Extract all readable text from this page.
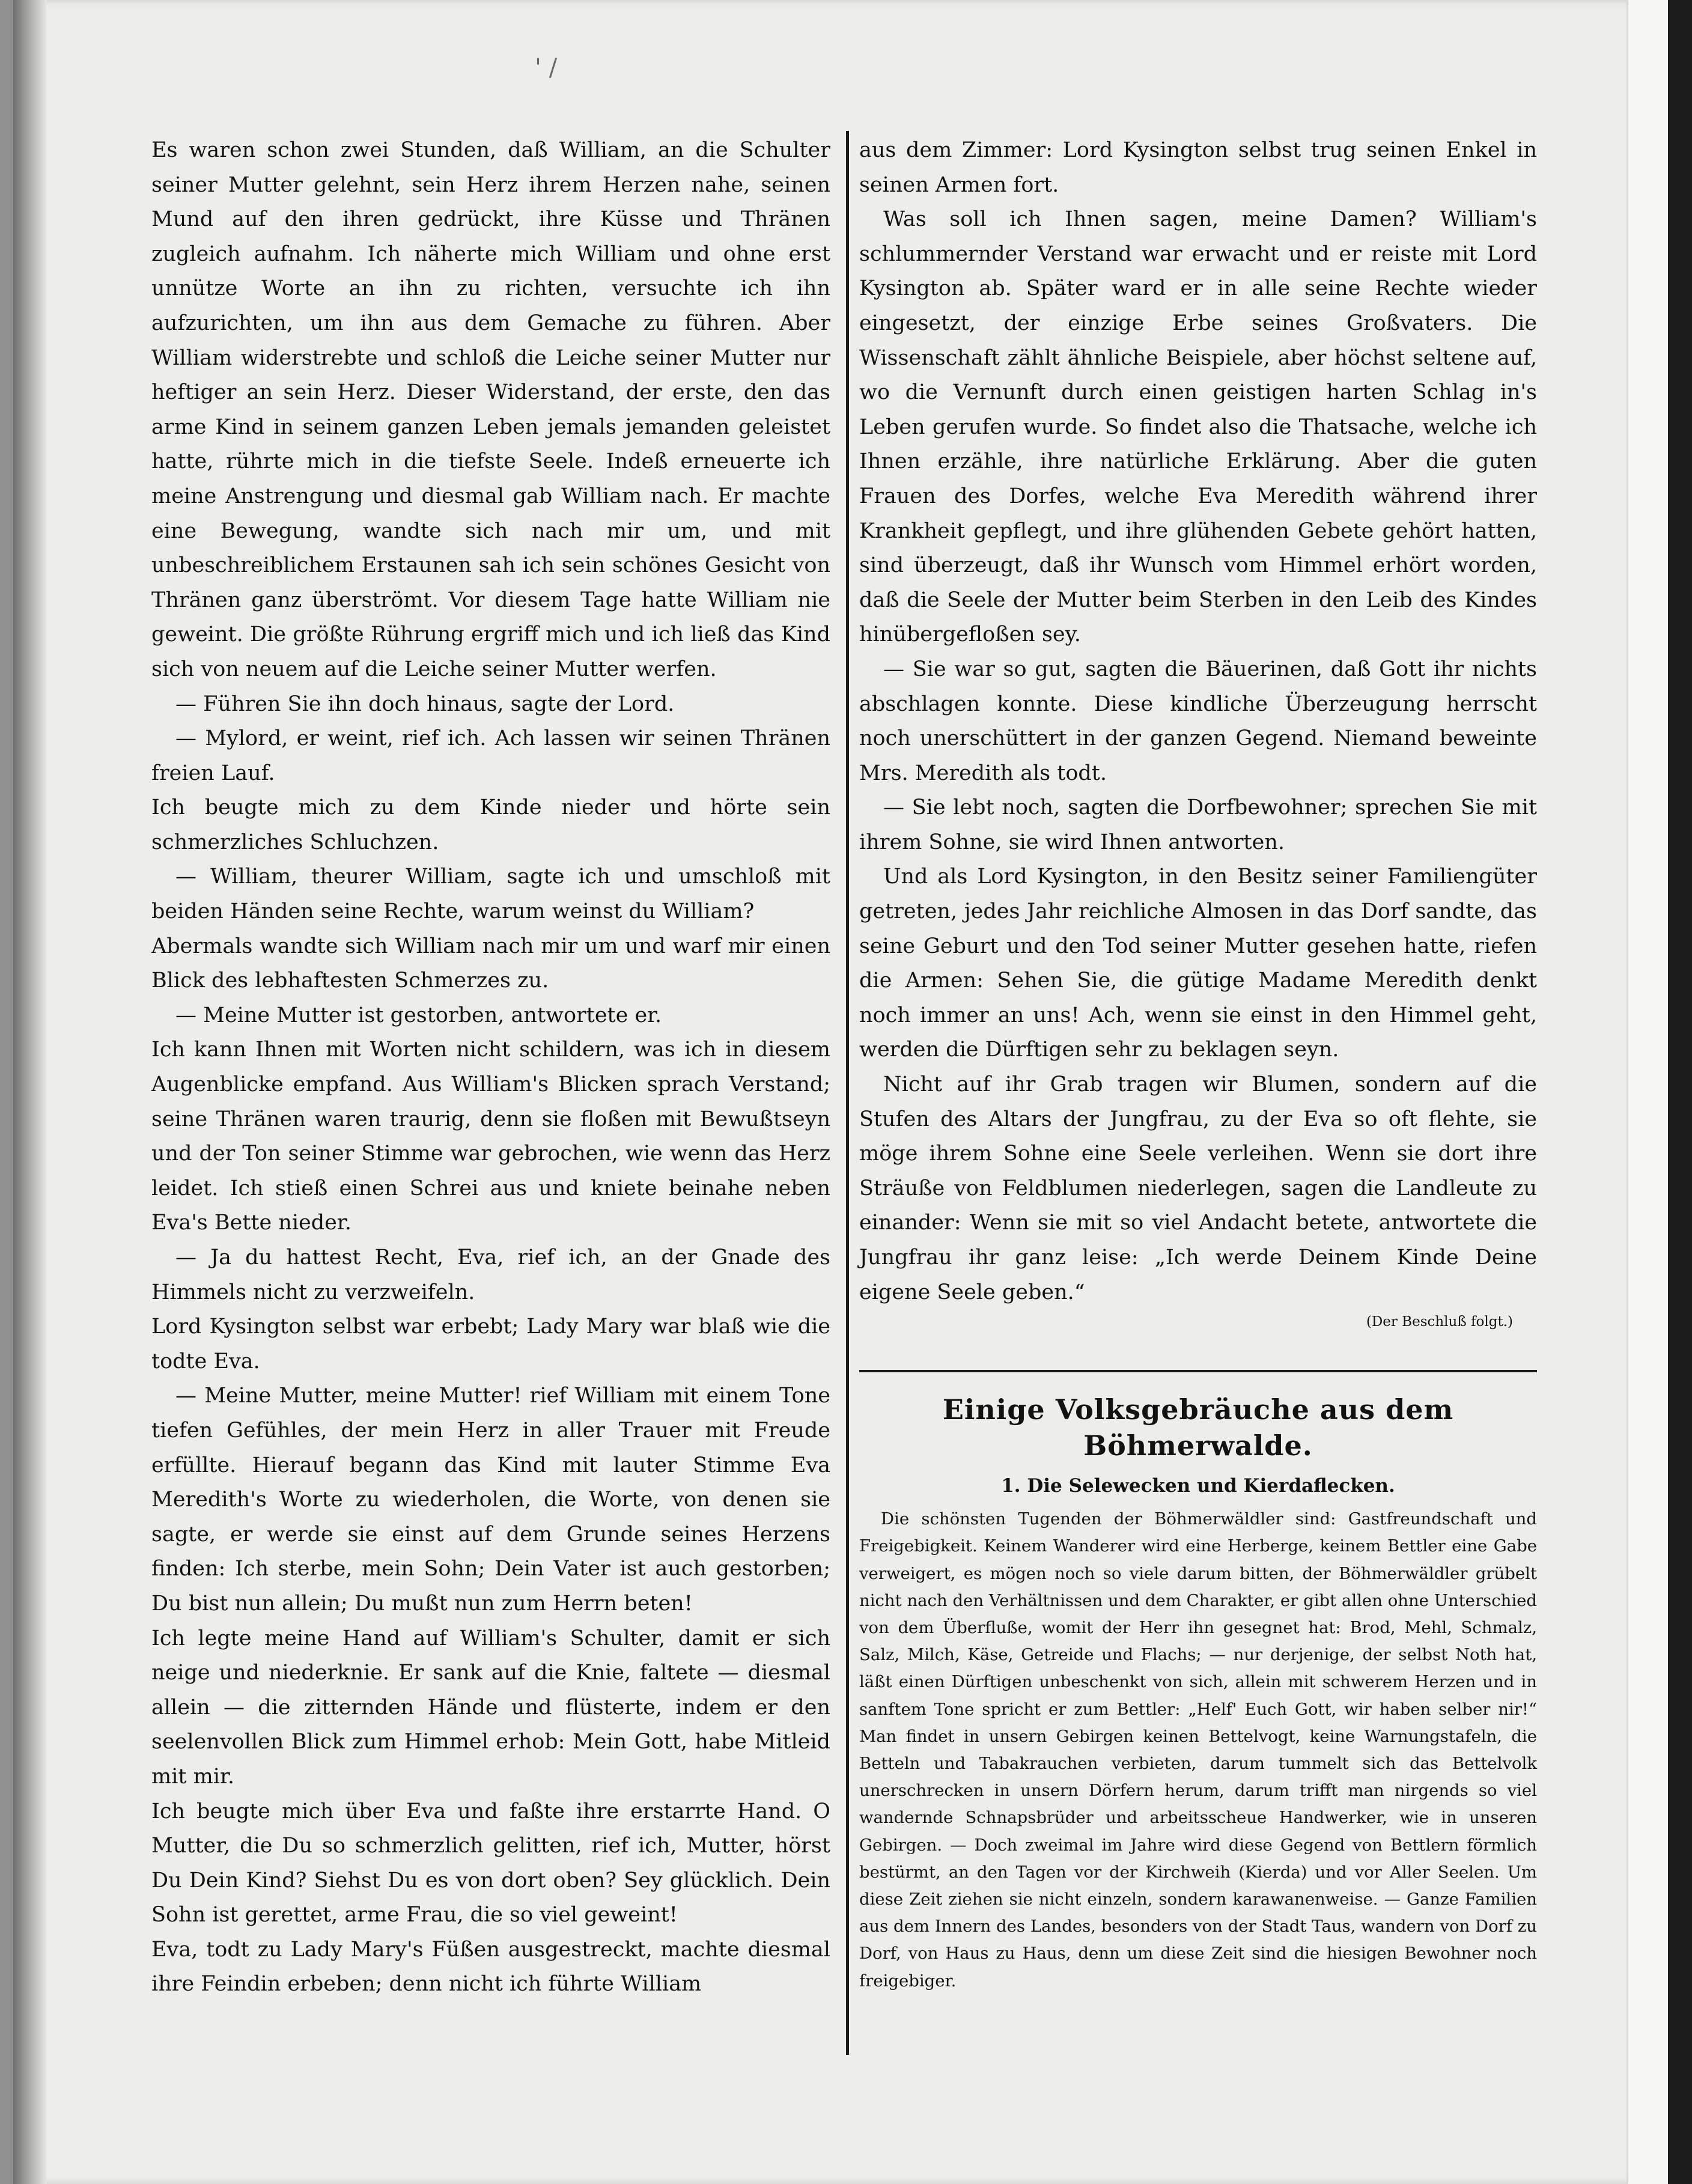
' /

Es waren schon zwei Stunden, daß William, an die Schulter seiner Mutter gelehnt, sein Herz ihrem Herzen nahe, seinen Mund auf den ihren gedrückt, ihre Küsse und Thränen zugleich aufnahm. Ich näherte mich William und ohne erst unnütze Worte an ihn zu richten, versuchte ich ihn aufzurichten, um ihn aus dem Gemache zu führen. Aber William widerstrebte und schloß die Leiche seiner Mutter nur heftiger an sein Herz. Dieser Widerstand, der erste, den das arme Kind in seinem ganzen Leben jemals jemanden geleistet hatte, rührte mich in die tiefste Seele. Indeß erneuerte ich meine Anstrengung und diesmal gab William nach. Er machte eine Bewegung, wandte sich nach mir um, und mit unbeschreiblichem Erstaunen sah ich sein schönes Gesicht von Thränen ganz überströmt. Vor diesem Tage hatte William nie geweint. Die größte Rührung ergriff mich und ich ließ das Kind sich von neuem auf die Leiche seiner Mutter werfen.

— Führen Sie ihn doch hinaus, sagte der Lord.

— Mylord, er weint, rief ich. Ach lassen wir seinen Thränen freien Lauf.

Ich beugte mich zu dem Kinde nieder und hörte sein schmerzliches Schluchzen.

— William, theurer William, sagte ich und umschloß mit beiden Händen seine Rechte, warum weinst du William?

Abermals wandte sich William nach mir um und warf mir einen Blick des lebhaftesten Schmerzes zu.

— Meine Mutter ist gestorben, antwortete er.

Ich kann Ihnen mit Worten nicht schildern, was ich in diesem Augenblicke empfand. Aus William's Blicken sprach Verstand; seine Thränen waren traurig, denn sie floßen mit Bewußtseyn und der Ton seiner Stimme war gebrochen, wie wenn das Herz leidet. Ich stieß einen Schrei aus und kniete beinahe neben Eva's Bette nieder.

— Ja du hattest Recht, Eva, rief ich, an der Gnade des Himmels nicht zu verzweifeln.

Lord Kysington selbst war erbebt; Lady Mary war blaß wie die todte Eva.

— Meine Mutter, meine Mutter! rief William mit einem Tone tiefen Gefühles, der mein Herz in aller Trauer mit Freude erfüllte. Hierauf begann das Kind mit lauter Stimme Eva Meredith's Worte zu wiederholen, die Worte, von denen sie sagte, er werde sie einst auf dem Grunde seines Herzens finden: Ich sterbe, mein Sohn; Dein Vater ist auch gestorben; Du bist nun allein; Du mußt nun zum Herrn beten!

Ich legte meine Hand auf William's Schulter, damit er sich neige und niederknie. Er sank auf die Knie, faltete — diesmal allein — die zitternden Hände und flüsterte, indem er den seelenvollen Blick zum Himmel erhob: Mein Gott, habe Mitleid mit mir.

Ich beugte mich über Eva und faßte ihre erstarrte Hand. O Mutter, die Du so schmerzlich gelitten, rief ich, Mutter, hörst Du Dein Kind? Siehst Du es von dort oben? Sey glücklich. Dein Sohn ist gerettet, arme Frau, die so viel geweint!

Eva, todt zu Lady Mary's Füßen ausgestreckt, machte diesmal ihre Feindin erbeben; denn nicht ich führte William

aus dem Zimmer: Lord Kysington selbst trug seinen Enkel in seinen Armen fort.

Was soll ich Ihnen sagen, meine Damen? William's schlummernder Verstand war erwacht und er reiste mit Lord Kysington ab. Später ward er in alle seine Rechte wieder eingesetzt, der einzige Erbe seines Großvaters. Die Wissenschaft zählt ähnliche Beispiele, aber höchst seltene auf, wo die Vernunft durch einen geistigen harten Schlag in's Leben gerufen wurde. So findet also die Thatsache, welche ich Ihnen erzähle, ihre natürliche Erklärung. Aber die guten Frauen des Dorfes, welche Eva Meredith während ihrer Krankheit gepflegt, und ihre glühenden Gebete gehört hatten, sind überzeugt, daß ihr Wunsch vom Himmel erhört worden, daß die Seele der Mutter beim Sterben in den Leib des Kindes hinübergefloßen sey.

— Sie war so gut, sagten die Bäuerinen, daß Gott ihr nichts abschlagen konnte. Diese kindliche Überzeugung herrscht noch unerschüttert in der ganzen Gegend. Niemand beweinte Mrs. Meredith als todt.

— Sie lebt noch, sagten die Dorfbewohner; sprechen Sie mit ihrem Sohne, sie wird Ihnen antworten.

Und als Lord Kysington, in den Besitz seiner Familiengüter getreten, jedes Jahr reichliche Almosen in das Dorf sandte, das seine Geburt und den Tod seiner Mutter gesehen hatte, riefen die Armen: Sehen Sie, die gütige Madame Meredith denkt noch immer an uns! Ach, wenn sie einst in den Himmel geht, werden die Dürftigen sehr zu beklagen seyn.

Nicht auf ihr Grab tragen wir Blumen, sondern auf die Stufen des Altars der Jungfrau, zu der Eva so oft flehte, sie möge ihrem Sohne eine Seele verleihen. Wenn sie dort ihre Sträuße von Feldblumen niederlegen, sagen die Landleute zu einander: Wenn sie mit so viel Andacht betete, antwortete die Jungfrau ihr ganz leise: „Ich werde Deinem Kinde Deine eigene Seele geben.“

(Der Beschluß folgt.)

Einige Volksgebräuche aus dem Böhmerwalde.
1. Die Selewecken und Kierdaflecken.

Die schönsten Tugenden der Böhmerwäldler sind: Gastfreundschaft und Freigebigkeit. Keinem Wanderer wird eine Herberge, keinem Bettler eine Gabe verweigert, es mögen noch so viele darum bitten, der Böhmerwäldler grübelt nicht nach den Verhältnissen und dem Charakter, er gibt allen ohne Unterschied von dem Überfluße, womit der Herr ihn gesegnet hat: Brod, Mehl, Schmalz, Salz, Milch, Käse, Getreide und Flachs; — nur derjenige, der selbst Noth hat, läßt einen Dürftigen unbeschenkt von sich, allein mit schwerem Herzen und in sanftem Tone spricht er zum Bettler: „Helf' Euch Gott, wir haben selber nir!“ Man findet in unsern Gebirgen keinen Bettelvogt, keine Warnungstafeln, die Betteln und Tabakrauchen verbieten, darum tummelt sich das Bettelvolk unerschrecken in unsern Dörfern herum, darum trifft man nirgends so viel wandernde Schnapsbrüder und arbeitsscheue Handwerker, wie in unseren Gebirgen. — Doch zweimal im Jahre wird diese Gegend von Bettlern förmlich bestürmt, an den Tagen vor der Kirchweih (Kierda) und vor Aller Seelen. Um diese Zeit ziehen sie nicht einzeln, sondern karawanenweise. — Ganze Familien aus dem Innern des Landes, besonders von der Stadt Taus, wandern von Dorf zu Dorf, von Haus zu Haus, denn um diese Zeit sind die hiesigen Bewohner noch freigebiger.
